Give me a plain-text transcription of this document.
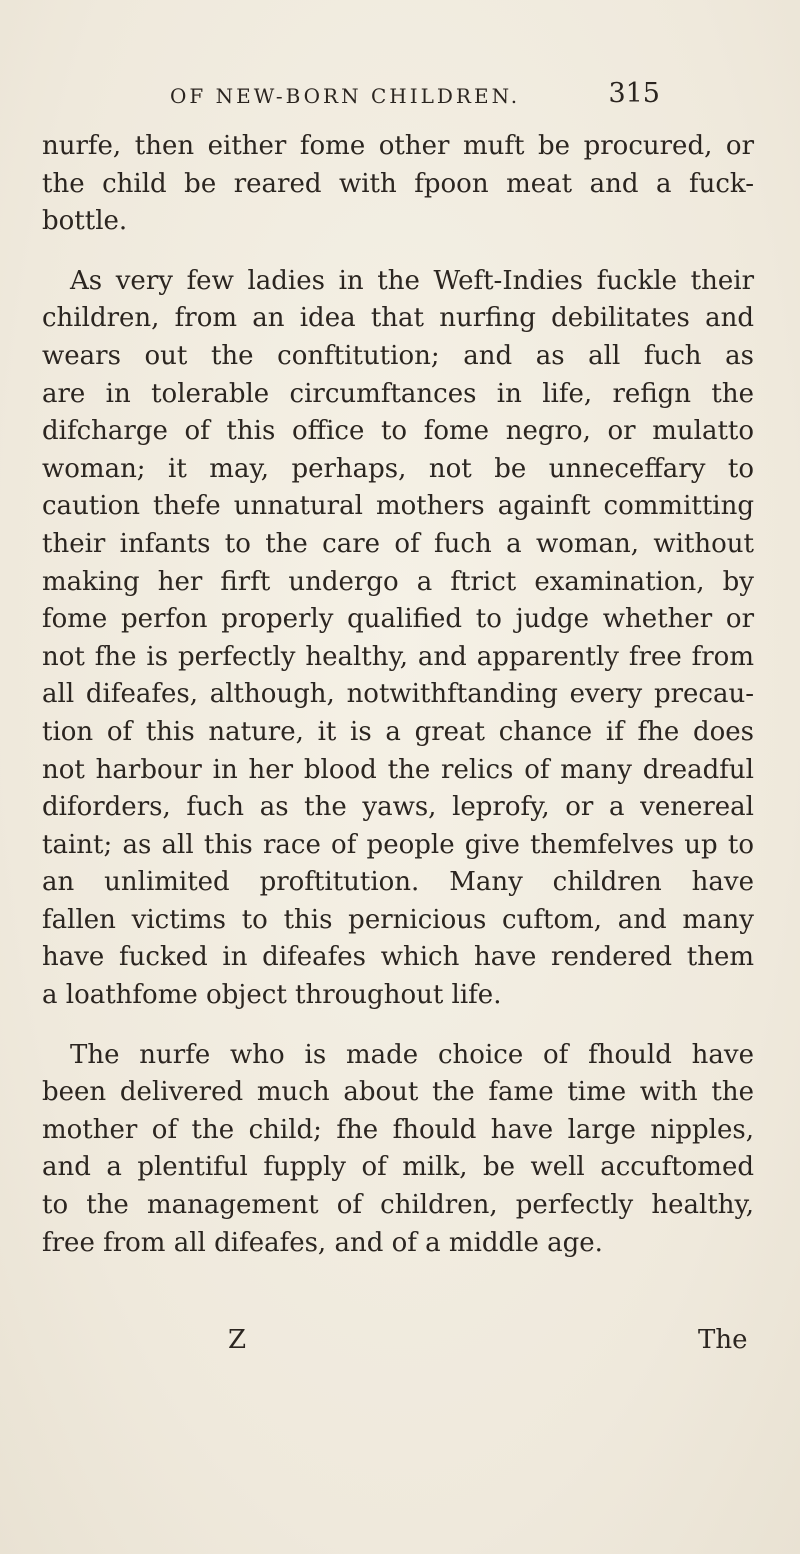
OF NEW-BORN CHILDREN.	315
nurfe, then either fome other muft be procured, or
the child be reared with fpoon meat and a fuck-
bottle.
As very few ladies in the Weft-Indies fuckle their
children, from an idea that nurfing debilitates and
wears out the conftitution; and as all fuch as
are in tolerable circumftances in life, refign the
difcharge of this office to fome negro, or mulatto
woman; it may, perhaps, not be unneceffary to
caution thefe unnatural mothers againft committing
their infants to the care of fuch a woman, without
making her firft undergo a ftrict examination, by
fome perfon properly qualified to judge whether or
not fhe is perfectly healthy, and apparently free from
all difeafes, although, notwithftanding every precau-
tion of this nature, it is a great chance if fhe does
not harbour in her blood the relics of many dreadful
diforders, fuch as the yaws, leprofy, or a venereal
taint; as all this race of people give themfelves up to
an unlimited proftitution. Many children have
fallen victims to this pernicious cuftom, and many
have fucked in difeafes which have rendered them
a loathfome object throughout life.
The nurfe who is made choice of fhould have
been delivered much about the fame time with the
mother of the child; fhe fhould have large nipples,
and a plentiful fupply of milk, be well accuftomed
to the management of children, perfectly healthy,
free from all difeafes, and of a middle age.
Z	The
